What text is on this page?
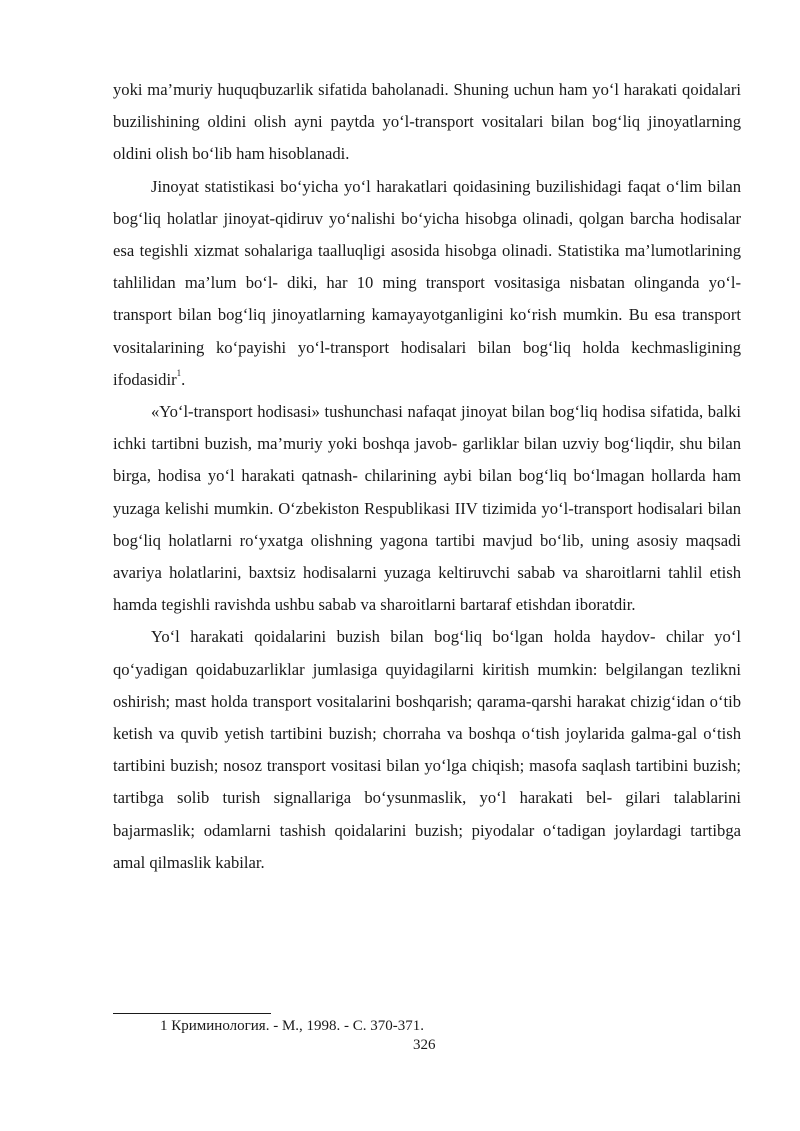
yoki ma’muriy huquqbuzarlik sifatida baholanadi. Shuning uchun ham yo‘l harakati qoidalari buzilishining oldini olish ayni paytda yo‘l-transport vositalari bilan bog‘liq jinoyatlarning oldini olish bo‘lib ham hisoblanadi.

Jinoyat statistikasi bo‘yicha yo‘l harakatlari qoidasining buzilishidagi faqat o‘lim bilan bog‘liq holatlar jinoyat-qidiruv yo‘nalishi bo‘yicha hisobga olinadi, qolgan barcha hodisalar esa tegishli xizmat sohalariga taalluqligi asosida hisobga olinadi. Statistika ma’lumotlarining tahlilidan ma’lum bo‘l- diki, har 10 ming transport vositasiga nisbatan olinganda yo‘l-transport bilan bog‘liq jinoyatlarning kamayayotganligini ko‘rish mumkin. Bu esa transport vositalarining ko‘payishi yo‘l-transport hodisalari bilan bog‘liq holda kechmasligining ifodasidir$^1$.

«Yo‘l-transport hodisasi» tushunchasi nafaqat jinoyat bilan bog‘liq hodisa sifatida, balki ichki tartibni buzish, ma’muriy yoki boshqa javob- garliklar bilan uzviy bog‘liqdir, shu bilan birga, hodisa yo‘l harakati qatnash- chilarining aybi bilan bog‘liq bo‘lmagan hollarda ham yuzaga kelishi mumkin. O‘zbekiston Respublikasi IIV tizimida yo‘l-transport hodisalari bilan bog‘liq holatlarni ro‘yxatga olishning yagona tartibi mavjud bo‘lib, uning asosiy maqsadi avariya holatlarini, baxtsiz hodisalarni yuzaga keltiruvchi sabab va sharoitlarni tahlil etish hamda tegishli ravishda ushbu sabab va sharoitlarni bartaraf etishdan iboratdir.

Yo‘l harakati qoidalarini buzish bilan bog‘liq bo‘lgan holda haydov- chilar yo‘l qo‘yadigan qoidabuzarliklar jumlasiga quyidagilarni kiritish mumkin: belgilangan tezlikni oshirish; mast holda transport vositalarini boshqarish; qarama-qarshi harakat chizig‘idan o‘tib ketish va quvib yetish tartibini buzish; chorraha va boshqa o‘tish joylarida galma-gal o‘tish tartibini buzish; nosoz transport vositasi bilan yo‘lga chiqish; masofa saqlash tartibini buzish; tartibga solib turish signallariga bo‘ysunmaslik, yo‘l harakati bel- gilari talablarini bajarmaslik; odamlarni tashish qoidalarini buzish; piyodalar o‘tadigan joylardagi tartibga amal qilmaslik kabilar.

1 Криминология. - М., 1998. - С. 370-371.
326
